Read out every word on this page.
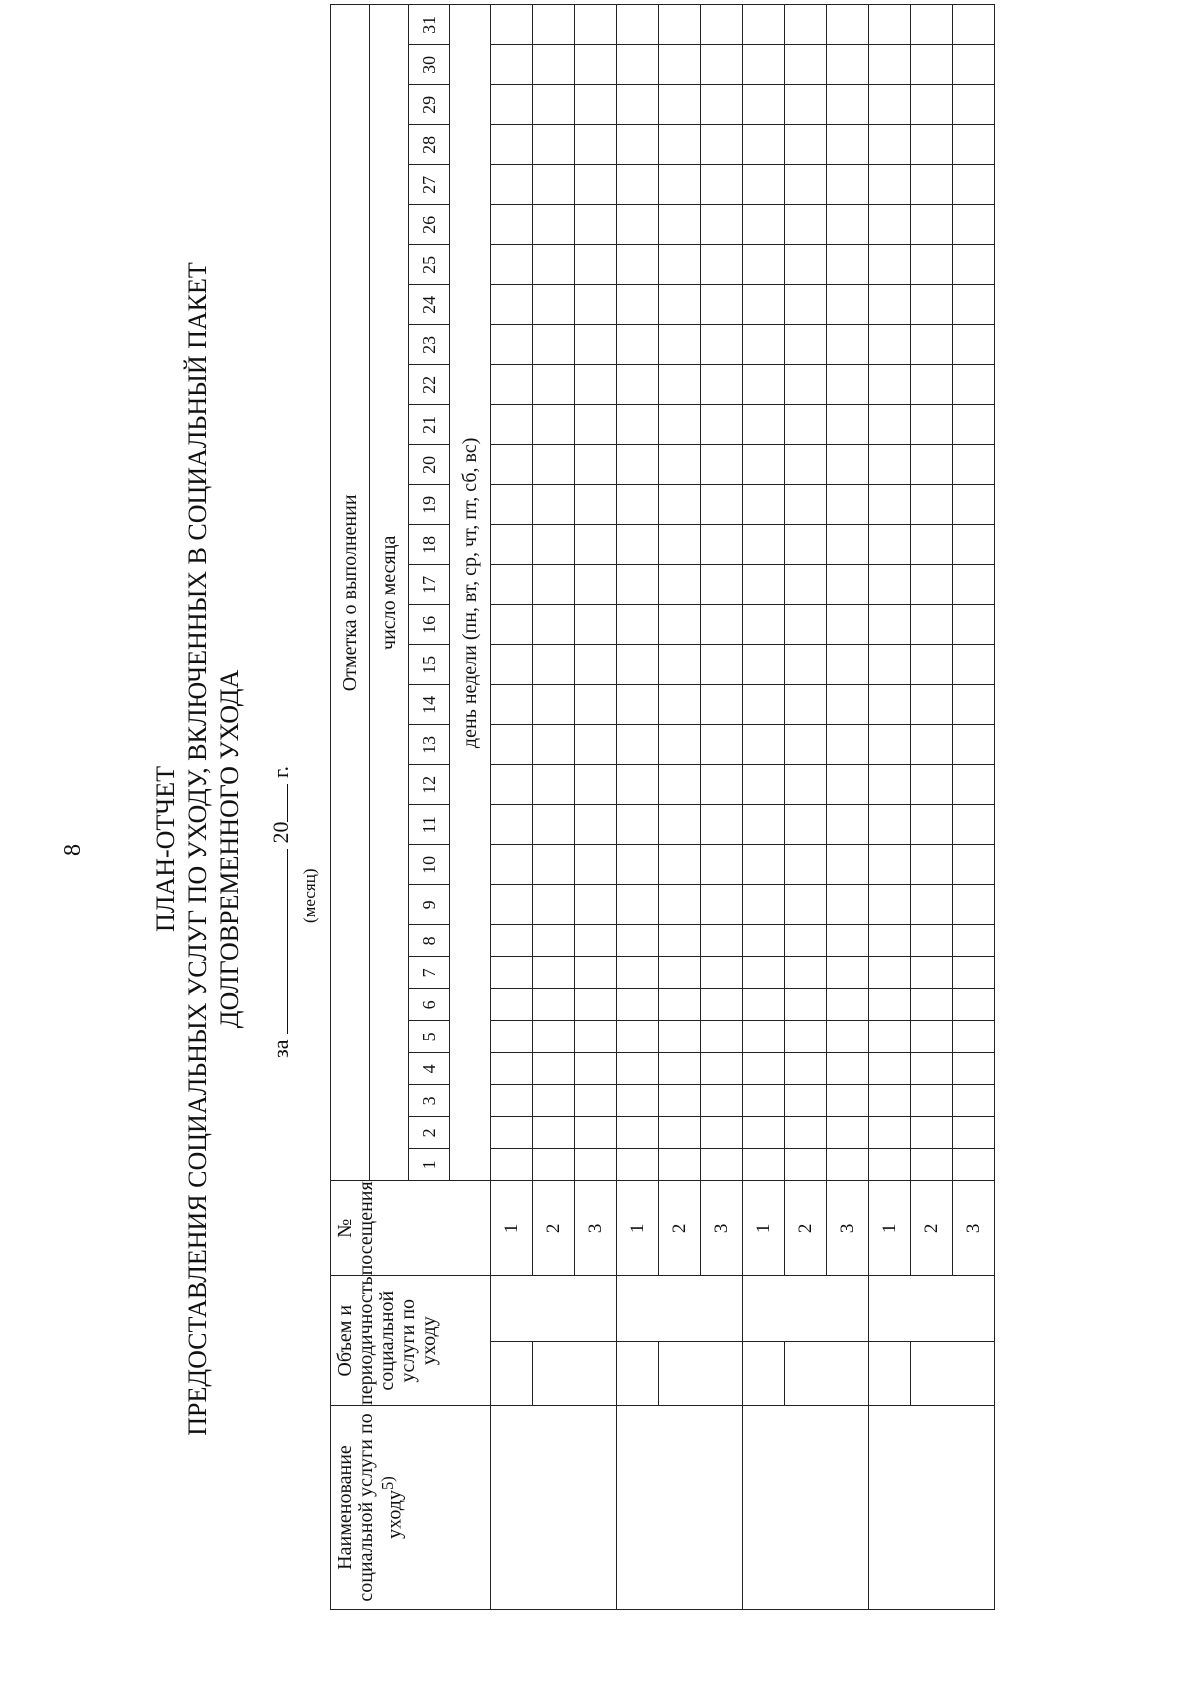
8	ПЛАН-ОТЧЕТ ПРЕДОСТАВЛЕНИЯ СОЦИАЛЬНЫХ УСЛУГ ПО УХОДУ, ВКЛЮЧЕННЫХ В СОЦИАЛЬНЫЙ ПАКЕТ ДОЛГОВРЕМЕННОГО УХОДА
за  20 г.
(месяц)
Наименование социальной услуги по уходу$^{5)}$	Объем и периодичность социальной услуги по уходу		№ посещения	Отметка о выполнении																														
				число месяца																														
				1	2	3	4	5	6	7	8	9	10	11	12	13	14	15	16	17	18	19	20	21	22	23	24	25	26	27	28	29	30	31
				день недели (пн, вт, ср, чт, пт, сб, вс)																														
			1																															
			2																															
			3																															
			1																															
			2																															
			3																															
			1																															
			2																															
			3																															
			1																															
			2																															
			3																															
